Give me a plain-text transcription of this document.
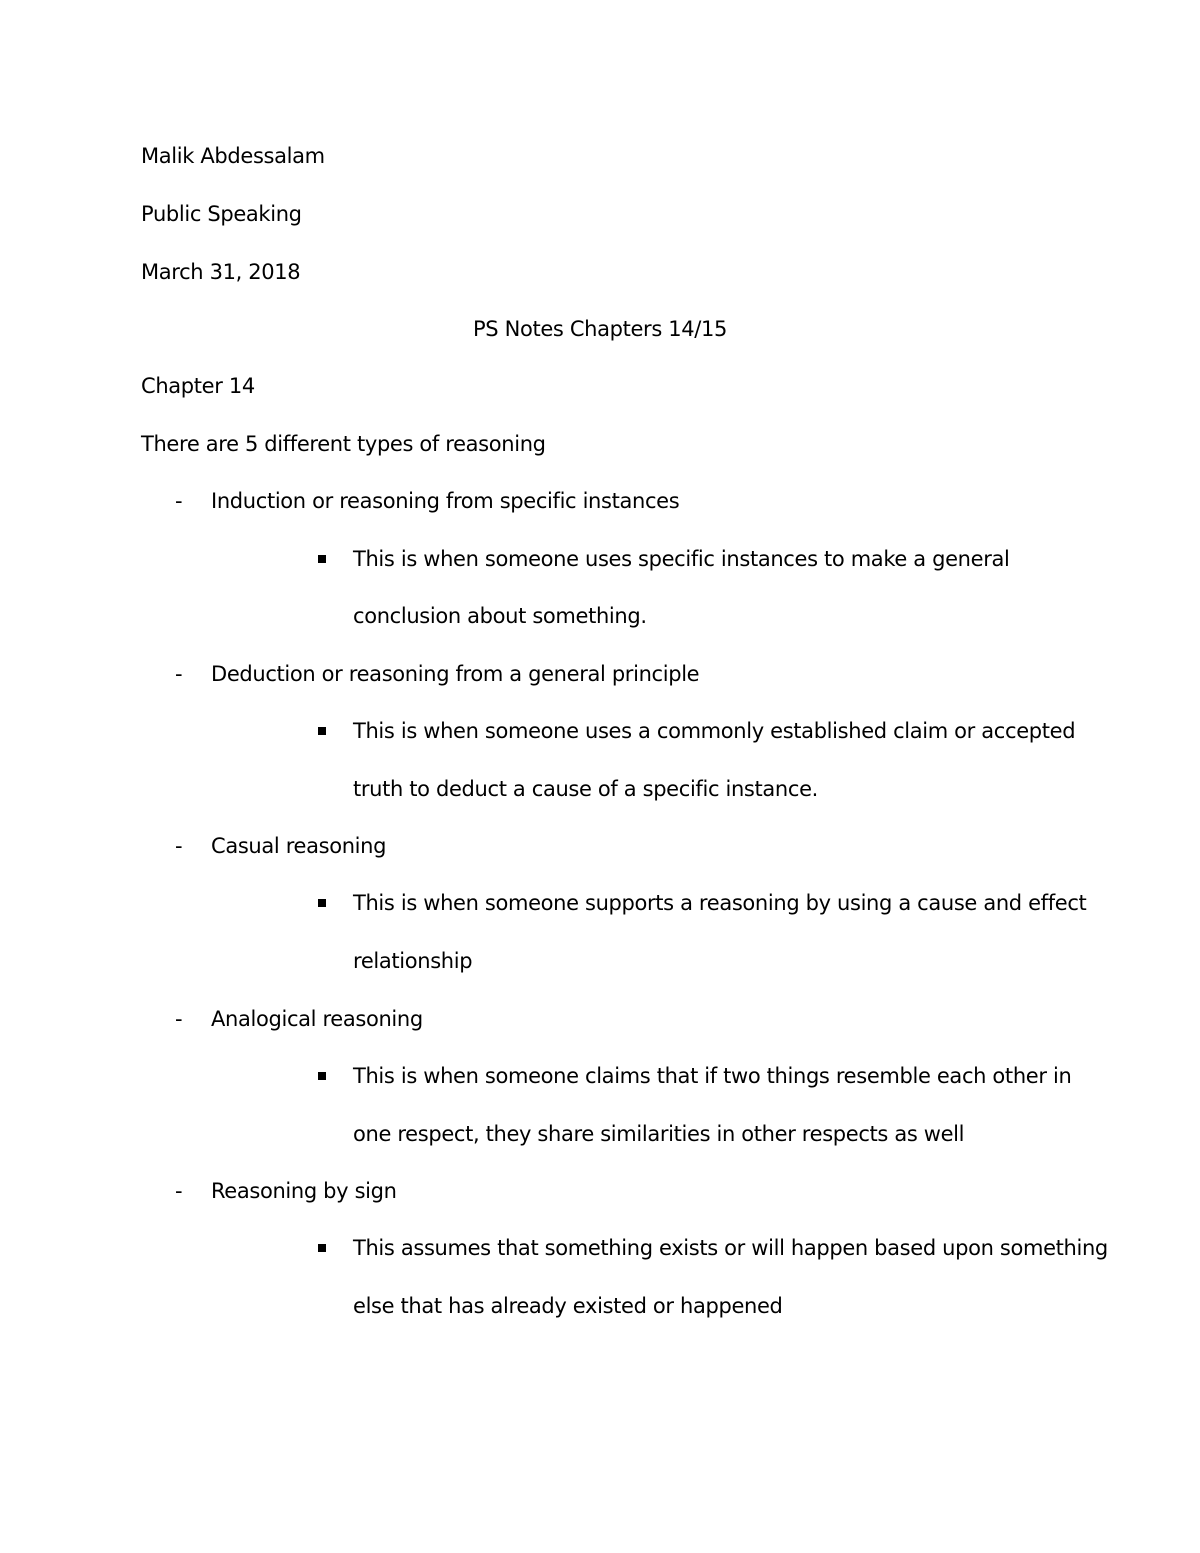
Malik Abdessalam
Public Speaking
March 31, 2018
PS Notes Chapters 14/15
Chapter 14
There are 5 different types of reasoning
- Induction or reasoning from specific instances
This is when someone uses specific instances to make a general
conclusion about something.
- Deduction or reasoning from a general principle
This is when someone uses a commonly established claim or accepted
truth to deduct a cause of a specific instance.
- Casual reasoning
This is when someone supports a reasoning by using a cause and effect
relationship
- Analogical reasoning
This is when someone claims that if two things resemble each other in
one respect, they share similarities in other respects as well
- Reasoning by sign
This assumes that something exists or will happen based upon something
else that has already existed or happened
